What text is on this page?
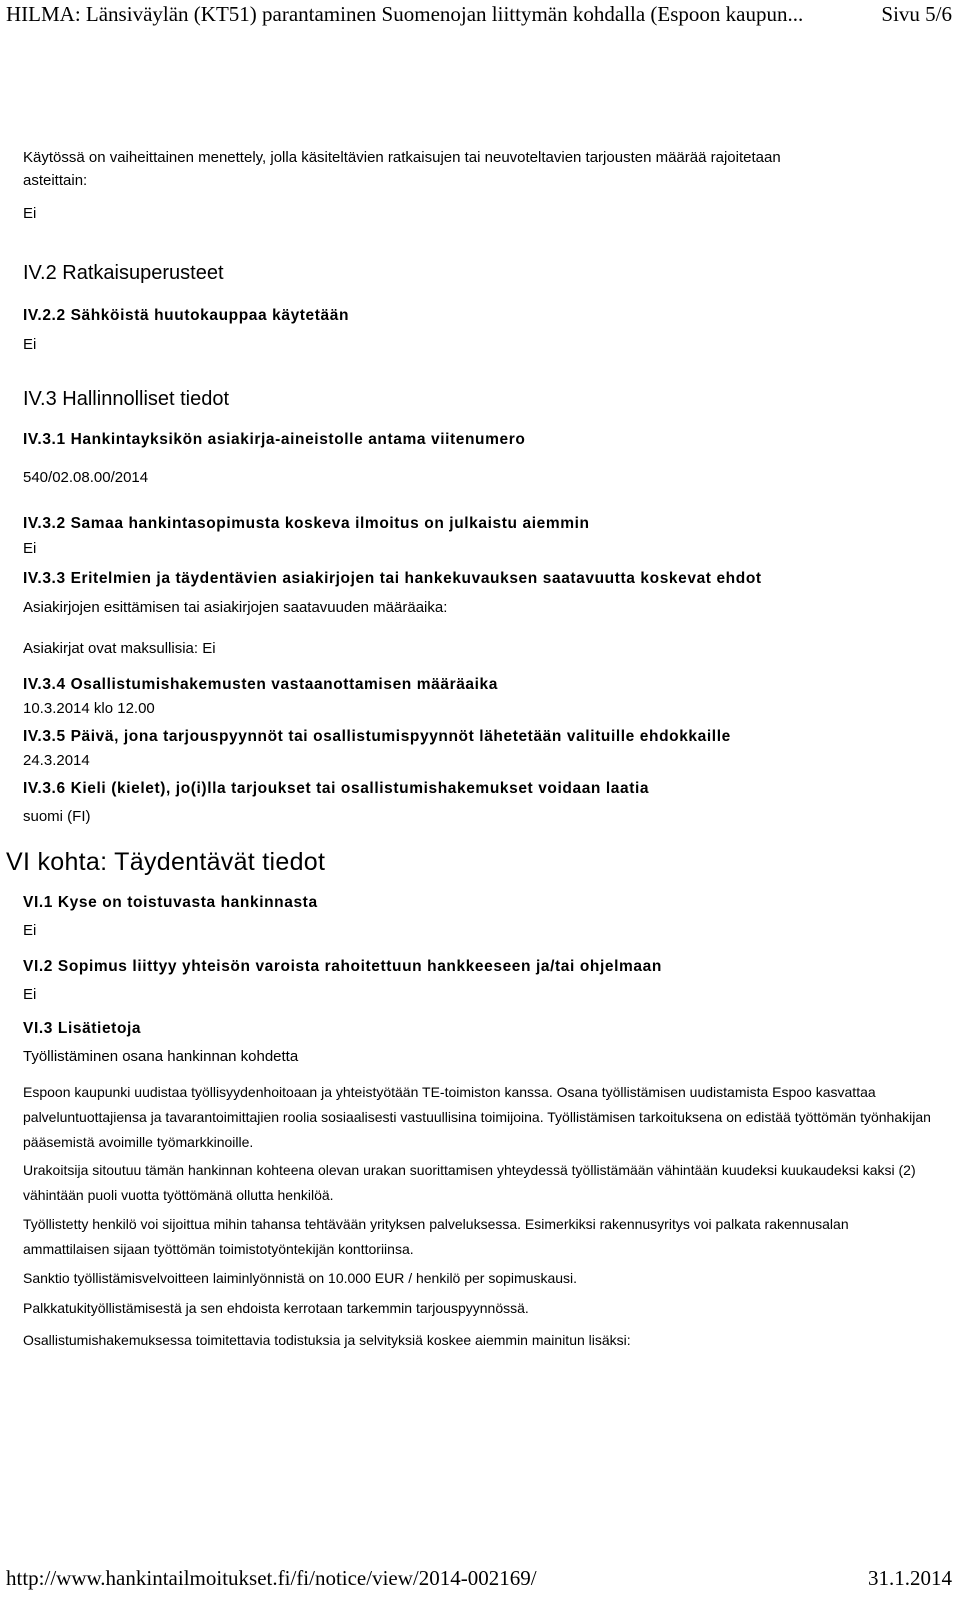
HILMA: Länsiväylän (KT51) parantaminen Suomenojan liittymän kohdalla (Espoon kaupun...	Sivu 5/6
Käytössä on vaiheittainen menettely, jolla käsiteltävien ratkaisujen tai neuvoteltavien tarjousten määrää rajoitetaan
asteittain:
Ei
IV.2 Ratkaisuperusteet
IV.2.2 Sähköistä huutokauppaa käytetään
Ei
IV.3 Hallinnolliset tiedot
IV.3.1 Hankintayksikön asiakirja-aineistolle antama viitenumero
540/02.08.00/2014
IV.3.2 Samaa hankintasopimusta koskeva ilmoitus on julkaistu aiemmin
Ei
IV.3.3 Eritelmien ja täydentävien asiakirjojen tai hankekuvauksen saatavuutta koskevat ehdot
Asiakirjojen esittämisen tai asiakirjojen saatavuuden määräaika:
Asiakirjat ovat maksullisia: Ei
IV.3.4 Osallistumishakemusten vastaanottamisen määräaika
10.3.2014 klo 12.00
IV.3.5 Päivä, jona tarjouspyynnöt tai osallistumispyynnöt lähetetään valituille ehdokkaille
24.3.2014
IV.3.6 Kieli (kielet), jo(i)lla tarjoukset tai osallistumishakemukset voidaan laatia
suomi (FI)
VI kohta: Täydentävät tiedot
VI.1 Kyse on toistuvasta hankinnasta
Ei
VI.2 Sopimus liittyy yhteisön varoista rahoitettuun hankkeeseen ja/tai ohjelmaan
Ei
VI.3 Lisätietoja
Työllistäminen osana hankinnan kohdetta
Espoon kaupunki uudistaa työllisyydenhoitoaan ja yhteistyötään TE-toimiston kanssa. Osana työllistämisen uudistamista Espoo kasvattaa palveluntuottajiensa ja tavarantoimittajien roolia sosiaalisesti vastuullisina toimijoina. Työllistämisen tarkoituksena on edistää työttömän työnhakijan pääsemistä avoimille työmarkkinoille.
Urakoitsija sitoutuu tämän hankinnan kohteena olevan urakan suorittamisen yhteydessä työllistämään vähintään kuudeksi kuukaudeksi kaksi (2) vähintään puoli vuotta työttömänä ollutta henkilöä.
Työllistetty henkilö voi sijoittua mihin tahansa tehtävään yrityksen palveluksessa. Esimerkiksi rakennusyritys voi palkata rakennusalan ammattilaisen sijaan työttömän toimistotyöntekijän konttoriinsa.
Sanktio työllistämisvelvoitteen laiminlyönnistä on 10.000 EUR / henkilö per sopimuskausi.
Palkkatukityöllistämisestä ja sen ehdoista kerrotaan tarkemmin tarjouspyynnössä.
Osallistumishakemuksessa toimitettavia todistuksia ja selvityksiä koskee aiemmin mainitun lisäksi:
http://www.hankintailmoitukset.fi/fi/notice/view/2014-002169/	31.1.2014
